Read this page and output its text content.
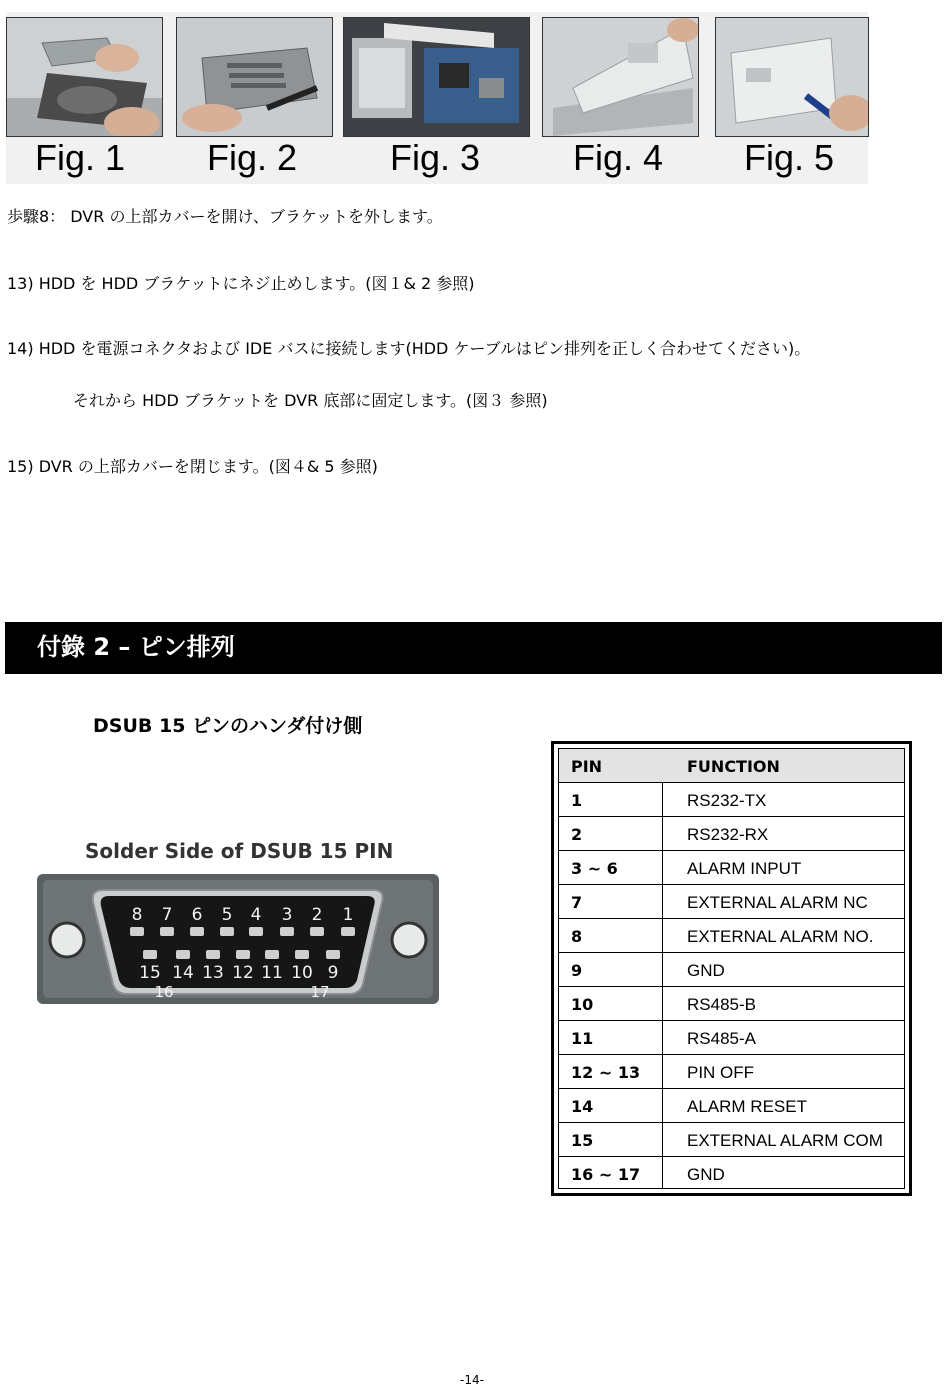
Fig. 1 Fig. 2	Fig. 3	Fig. 4 Fig. 5
歩驟8： DVR の上部カバーを開け、ブラケットを外します。
13) HDD を HDD ブラケットにネジ止めします。(図１& 2 参照)
14) HDD を電源コネクタおよび IDE バスに接続します(HDD ケーブルはピン排列を正しく合わせてください)。
それから HDD ブラケットを DVR 底部に固定します。(図３ 参照)
15) DVR の上部カバーを閉じます。(図４& 5 参照)
付錄 2 – ピン排列
DSUB 15 ピンのハンダ付け側
Solder Side of DSUB 15 PIN
8 7 6 5 4 3 2 1
15 14 13 12 11 10 9
16	17
PIN	FUNCTION
1	RS232-TX
2	RS232-RX
3 ~ 6	ALARM INPUT
7	EXTERNAL ALARM NC
8	EXTERNAL ALARM NO.
9	GND
10	RS485-B
11	RS485-A
12 ~ 13	PIN OFF
14	ALARM RESET
15	EXTERNAL ALARM COM
16 ~ 17	GND
-14-
